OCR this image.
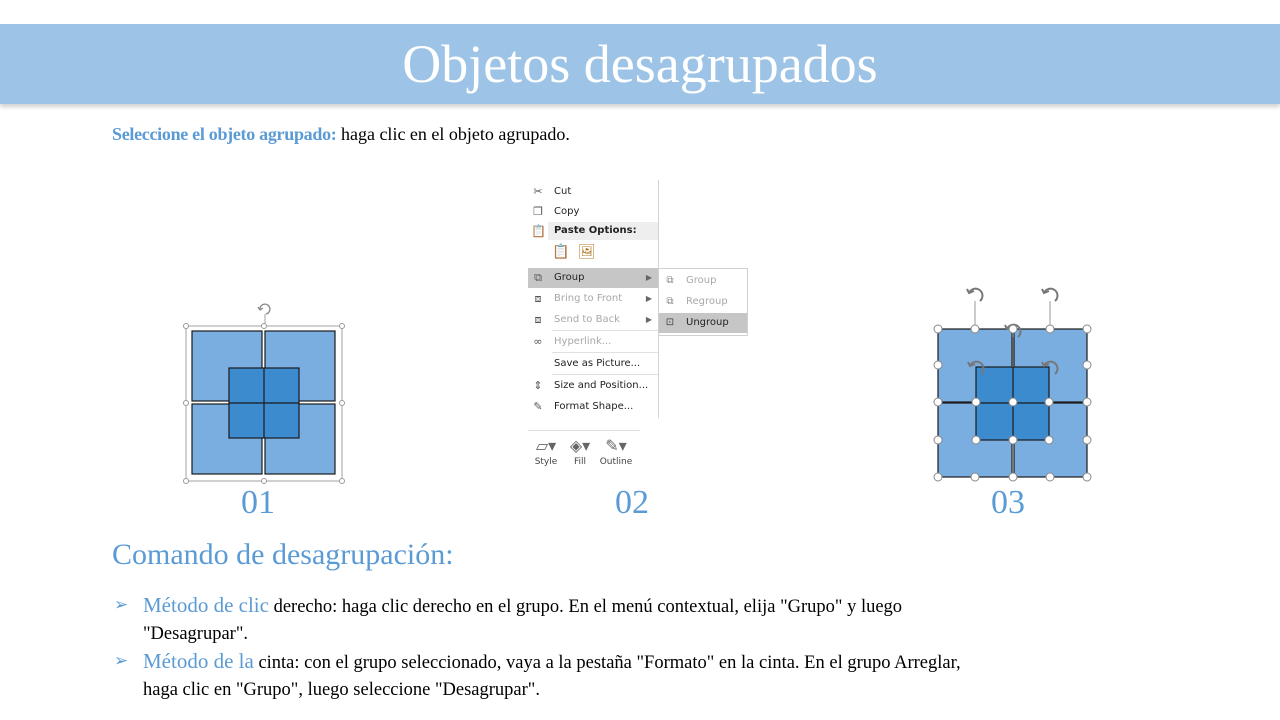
Objetos desagrupados
Seleccione el objeto agrupado: haga clic en el objeto agrupado.
01
✂ Cut
❐ Copy
📋 Paste Options:
📋 🖼
⧉	Group	▶
⧈	Bring to Front	▶
⧈	Send to Back	▶
∞ Hyperlink...
Save as Picture...
⇕ Size and Position...
✎ Format Shape...
⧉	Group
⧉	Regroup
⊡ Ungroup
▱▾
Style
◈▾
Fill
✎▾
Outline
02	03
Comando de desagrupación:
➢ Método de clic derecho: haga clic derecho en el grupo. En el menú contextual, elija "Grupo" y luego "Desagrupar".
➢ Método de la cinta: con el grupo seleccionado, vaya a la pestaña "Formato" en la cinta. En el grupo Arreglar, haga clic en "Grupo", luego seleccione "Desagrupar".
